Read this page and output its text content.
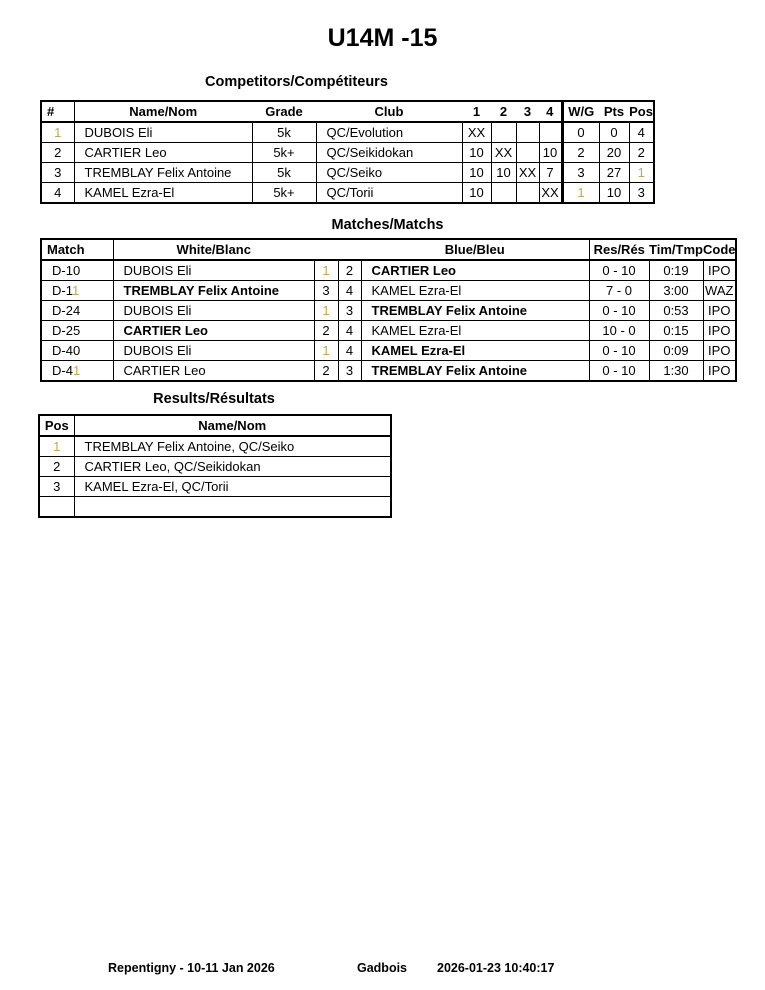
U14M -15
Competitors/Compétiteurs
#	Name/Nom	Grade	Club	1	2	3	4	W/G	Pts	Pos
1	DUBOIS Eli	5k	QC/Evolution	XX				0	0	4
2	CARTIER Leo	5k+	QC/Seikidokan	10	XX		10	2	20	2
3	TREMBLAY Felix Antoine	5k	QC/Seiko	10	10	XX	7	3	27	1
4	KAMEL Ezra-El	5k+	QC/Torii	10			XX	1	10	3
Matches/Matchs
Match	White/Blanc			Blue/Bleu	Res/Rés	Tim/Tmp	Code
D-10	DUBOIS Eli	1	2	CARTIER Leo	0 - 10	0:19	IPO
D-11	TREMBLAY Felix Antoine	3	4	KAMEL Ezra-El	7 - 0	3:00	WAZ
D-24	DUBOIS Eli	1	3	TREMBLAY Felix Antoine	0 - 10	0:53	IPO
D-25	CARTIER Leo	2	4	KAMEL Ezra-El	10 - 0	0:15	IPO
D-40	DUBOIS Eli	1	4	KAMEL Ezra-El	0 - 10	0:09	IPO
D-41	CARTIER Leo	2	3	TREMBLAY Felix Antoine	0 - 10	1:30	IPO
Results/Résultats
Pos	Name/Nom
1	TREMBLAY Felix Antoine, QC/Seiko
2	CARTIER Leo, QC/Seikidokan
3	KAMEL Ezra-El, QC/Torii

Repentigny - 10-11 Jan 2026	Gadbois 2026-01-23 10:40:17
